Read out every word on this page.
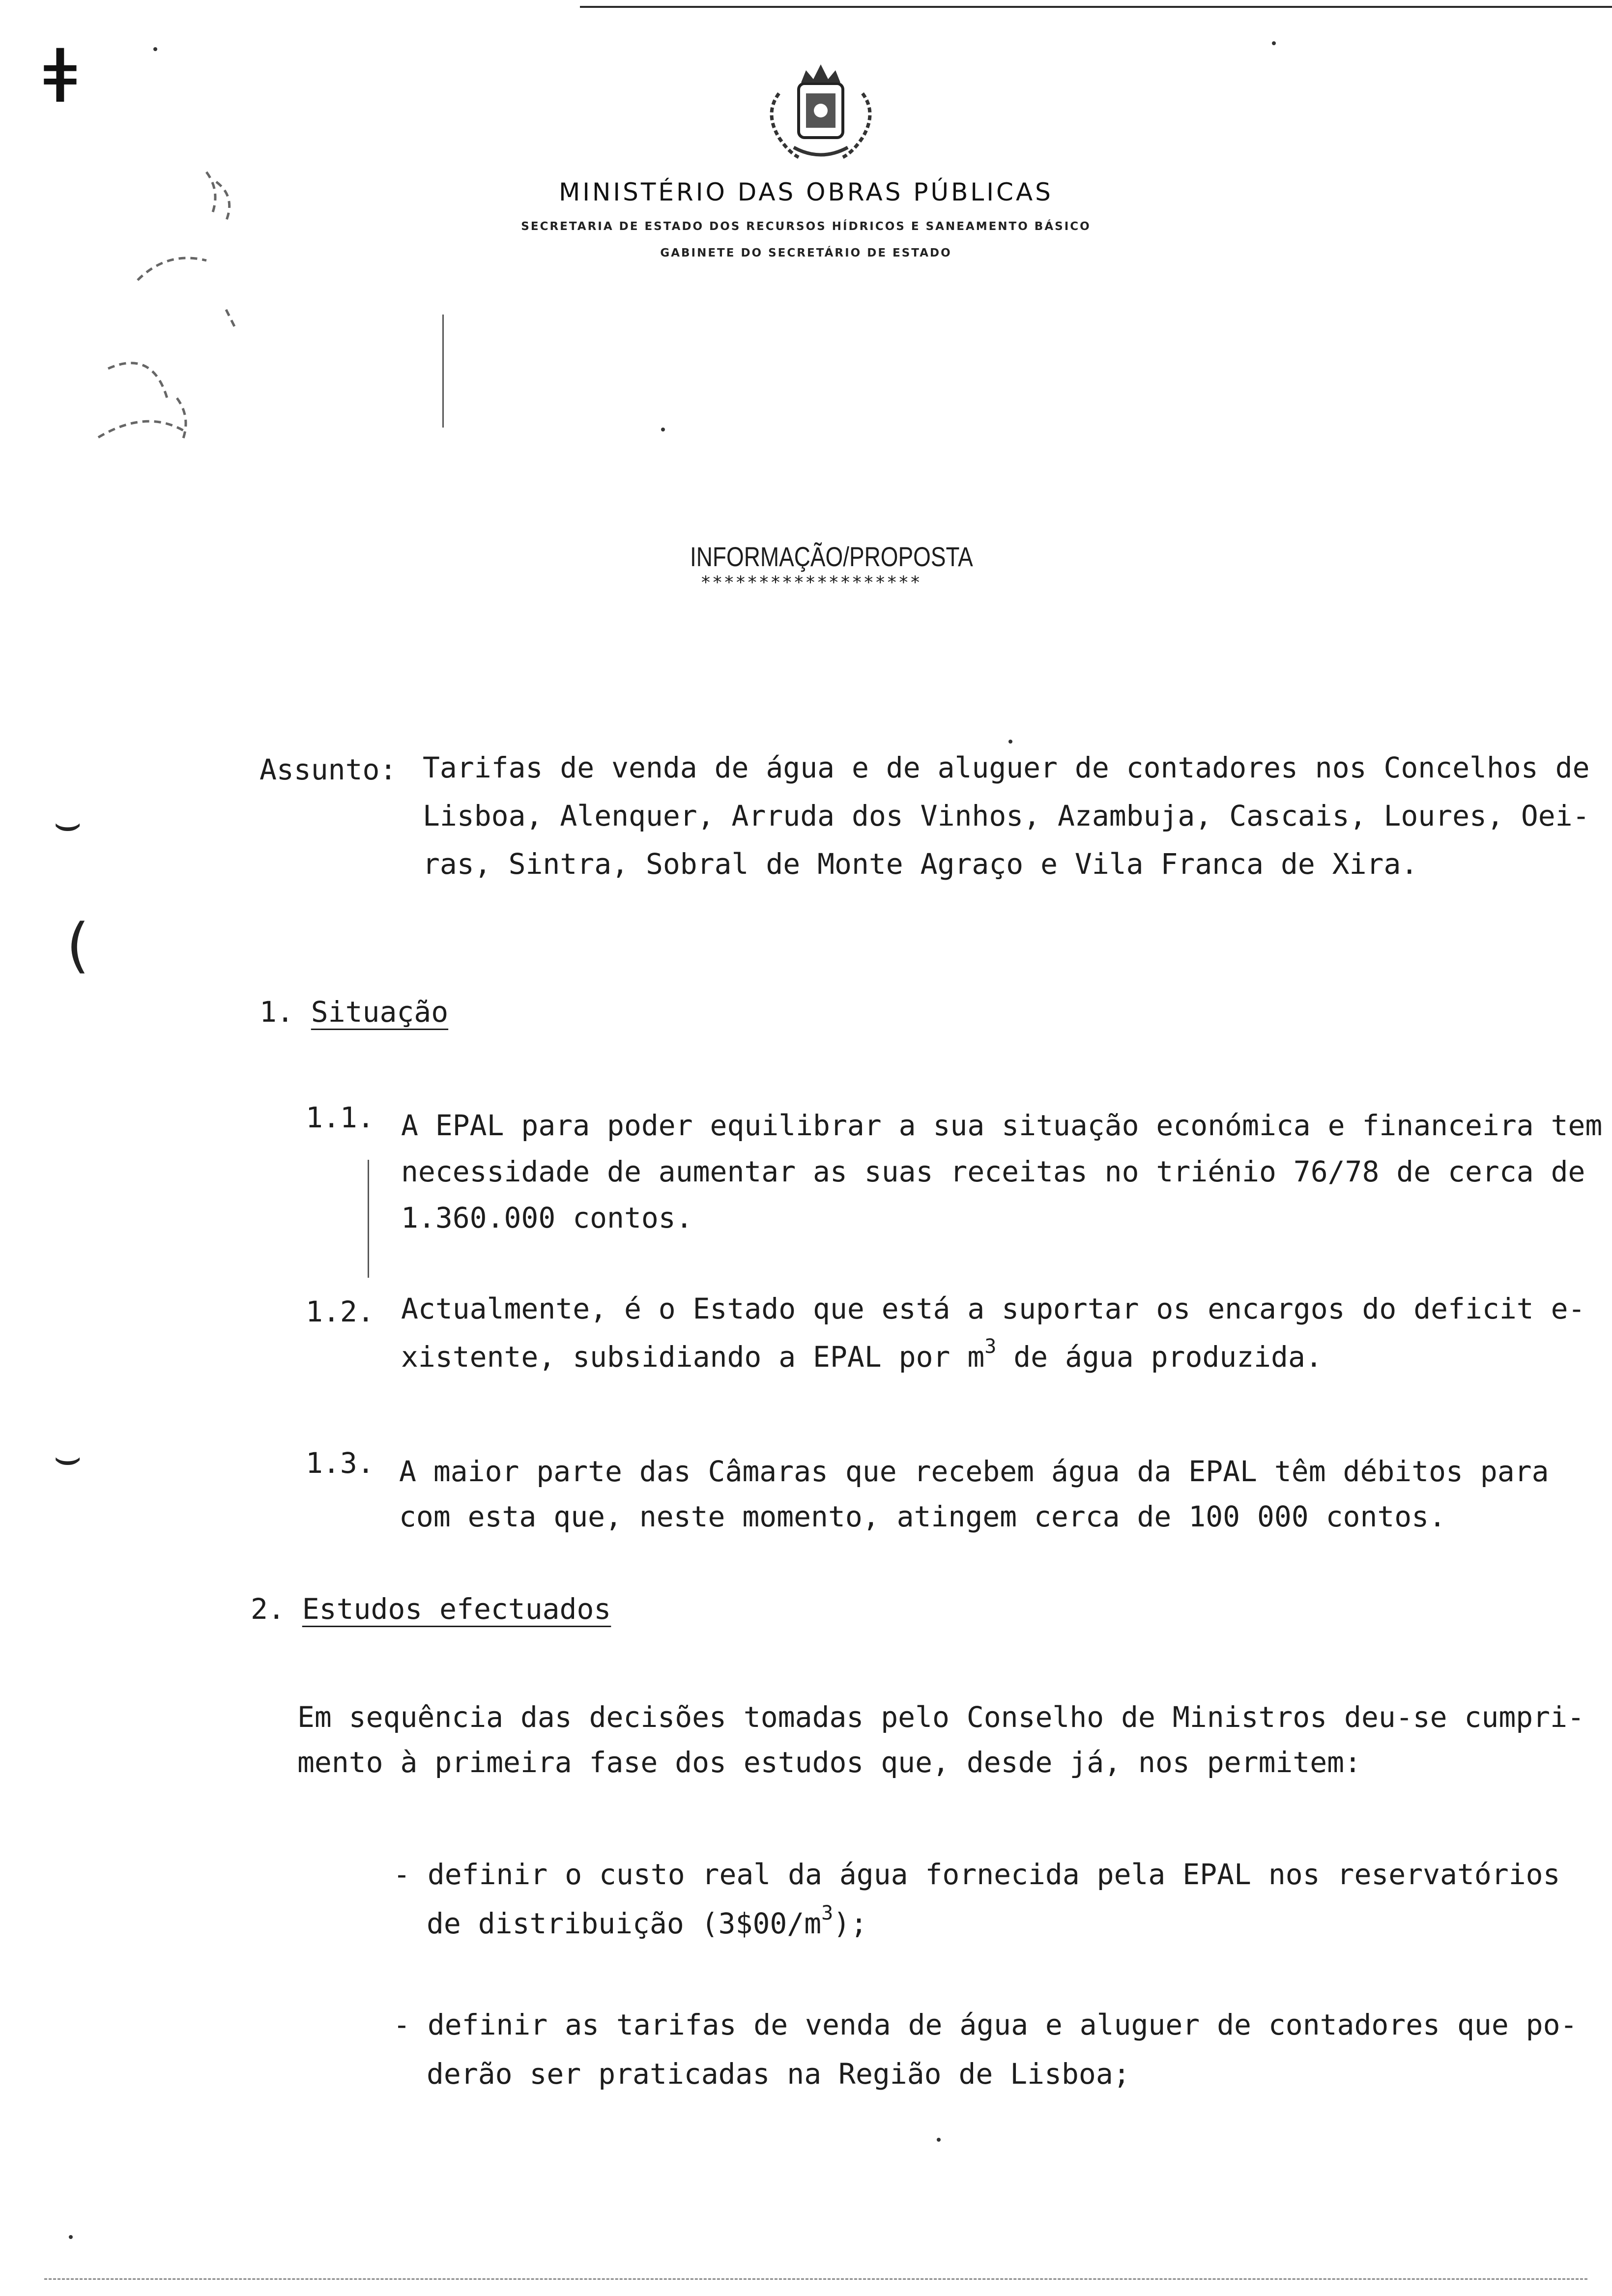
ǂ
⌣
⌣
(
MINISTÉRIO DAS OBRAS PÚBLICAS
SECRETARIA DE ESTADO DOS RECURSOS HÍDRICOS E SANEAMENTO BÁSICO
GABINETE DO SECRETÁRIO DE ESTADO
INFORMAÇÃO/PROPOSTA
*******************
Assunto: Tarifas de venda de água e de aluguer de contadores nos Concelhos de
Lisboa, Alenquer, Arruda dos Vinhos, Azambuja, Cascais, Loures, Oei-
ras, Sintra, Sobral de Monte Agraço e Vila Franca de Xira.
1. Situação
1.1. A EPAL para poder equilibrar a sua situação económica e financeira tem
necessidade de aumentar as suas receitas no triénio 76/78 de cerca de
1.360.000 contos.
1.2. Actualmente, é o Estado que está a suportar os encargos do deficit e-
xistente, subsidiando a EPAL por $m^3$ de água produzida.
1.3. A maior parte das Câmaras que recebem água da EPAL têm débitos para
com esta que, neste momento, atingem cerca de 100 000 contos.
2. Estudos efectuados
Em sequência das decisões tomadas pelo Conselho de Ministros deu-se cumpri-
mento à primeira fase dos estudos que, desde já, nos permitem:
- definir o custo real da água fornecida pela EPAL nos reservatórios
de distribuição $(3\$00/m^3)$;
- definir as tarifas de venda de água e aluguer de contadores que po-
derão ser praticadas na Região de Lisboa;
